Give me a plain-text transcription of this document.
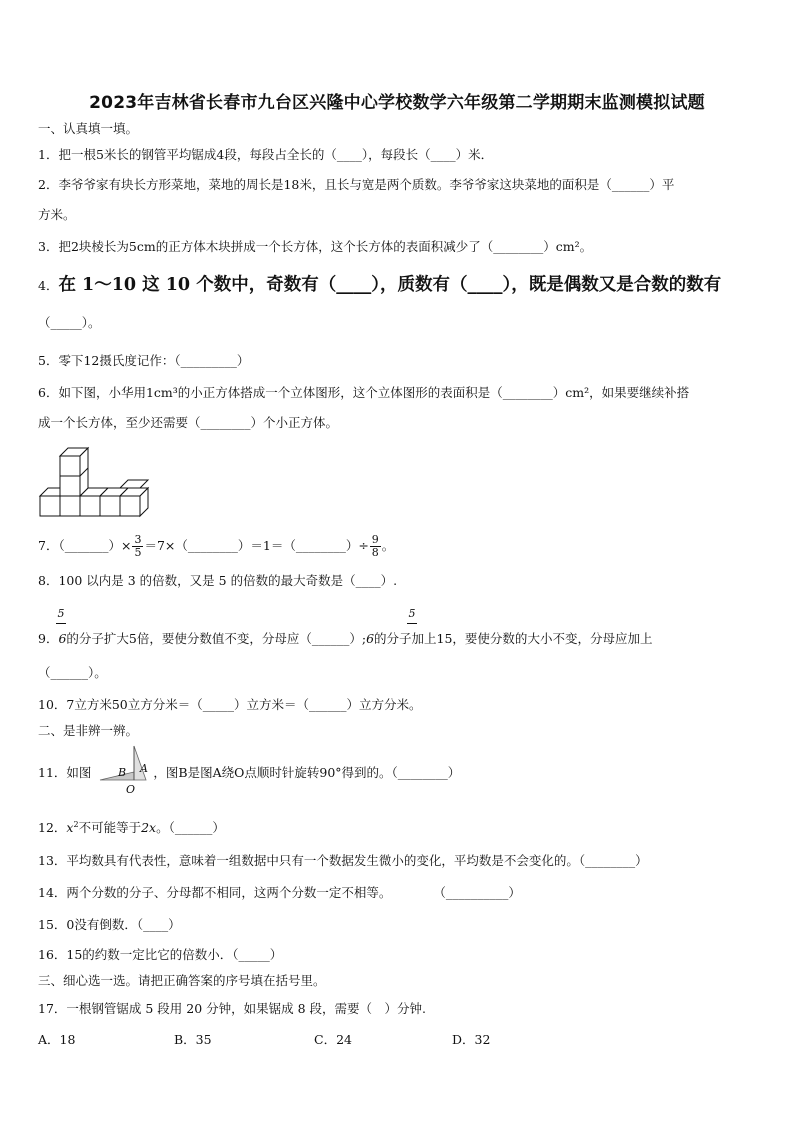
2023年吉林省长春市九台区兴隆中心学校数学六年级第二学期期末监测模拟试题
一、认真填一填。
1．把一根5米长的钢管平均锯成4段，每段占全长的（____），每段长（____）米．
2．李爷爷家有块长方形菜地，菜地的周长是18米，且长与宽是两个质数。李爷爷家这块菜地的面积是（______）平
方米。
3．把2块棱长为5cm的正方体木块拼成一个长方体，这个长方体的表面积减少了（________）cm²。
4．在 1～10 这 10 个数中，奇数有（____），质数有（____），既是偶数又是合数的数有
（_____）。
5．零下12摄氏度记作：（_________）
6．如下图，小华用1cm³的小正方体搭成一个立体图形，这个立体图形的表面积是（________）cm²，如果要继续补搭
成一个长方体，至少还需要（________）个小正方体。
7．（_______）× $\frac{3}{5}$ ＝7×（________）＝1＝（________）÷ $\frac{9}{8}$ 。
8．100 以内是 3 的倍数，又是 5 的倍数的最大奇数是（____）.
5	5
9．6的分子扩大5倍，要使分数值不变，分母应（______）;6的分子加上15，要使分数的大小不变，分母应加上
（______）。
10．7立方米50立方分米＝（_____）立方米＝（______）立方分米。
二、是非辨一辨。
11．如图	，图B是图A绕O点顺时针旋转90°得到的。（________）
B A
O
12．$x^2$不可能等于2x。（______）
13．平均数具有代表性，意味着一组数据中只有一个数据发生微小的变化，平均数是不会变化的。（________）
14．两个分数的分子、分母都不相同，这两个分数一定不相等。	（__________）
15．0没有倒数．（____）
16．15的约数一定比它的倍数小．（_____）
三、细心选一选。请把正确答案的序号填在括号里。
17．一根钢管锯成 5 段用 20 分钟，如果锯成 8 段，需要（　）分钟.
A．18	B．35	C．24	D．32
